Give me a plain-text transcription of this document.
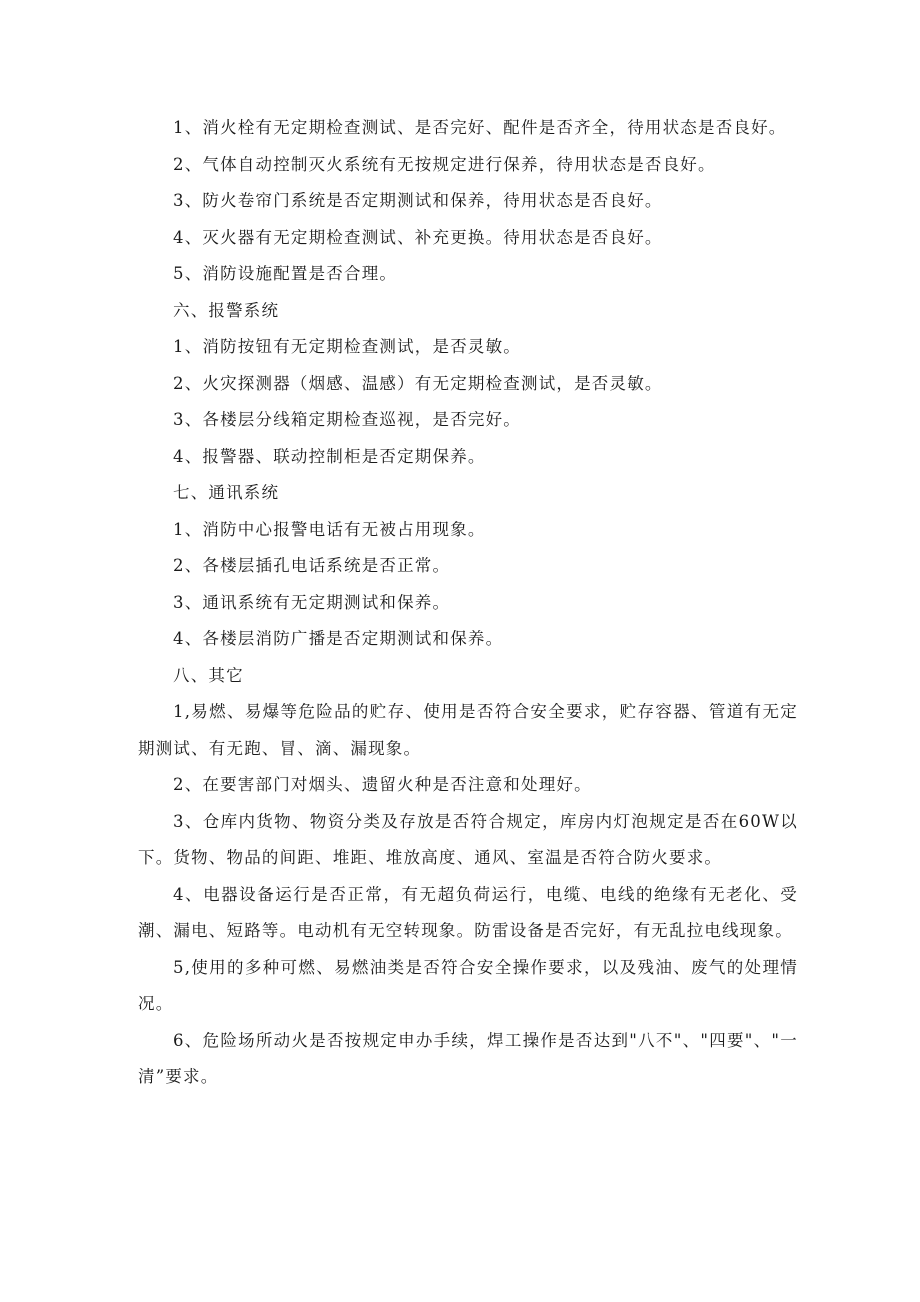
1、消火栓有无定期检查测试、是否完好、配件是否齐全，待用状态是否良好。

2、气体自动控制灭火系统有无按规定进行保养，待用状态是否良好。

3、防火卷帘门系统是否定期测试和保养，待用状态是否良好。

4、灭火器有无定期检查测试、补充更换。待用状态是否良好。

5、消防设施配置是否合理。

六、报警系统

1、消防按钮有无定期检查测试，是否灵敏。

2、火灾探测器（烟感、温感）有无定期检查测试，是否灵敏。

3、各楼层分线箱定期检查巡视，是否完好。

4、报警器、联动控制柜是否定期保养。

七、通讯系统

1、消防中心报警电话有无被占用现象。

2、各楼层插孔电话系统是否正常。

3、通讯系统有无定期测试和保养。

4、各楼层消防广播是否定期测试和保养。

八、其它

1,易燃、易爆等危险品的贮存、使用是否符合安全要求，贮存容器、管道有无定期测试、有无跑、冒、滴、漏现象。

2、在要害部门对烟头、遗留火种是否注意和处理好。

3、仓库内货物、物资分类及存放是否符合规定，库房内灯泡规定是否在60W以下。货物、物品的间距、堆距、堆放高度、通风、室温是否符合防火要求。

4、电器设备运行是否正常，有无超负荷运行，电缆、电线的绝缘有无老化、受潮、漏电、短路等。电动机有无空转现象。防雷设备是否完好，有无乱拉电线现象。

5,使用的多种可燃、易燃油类是否符合安全操作要求，以及残油、废气的处理情况。

6、危险场所动火是否按规定申办手续，焊工操作是否达到"八不"、"四要"、"一清”要求。
